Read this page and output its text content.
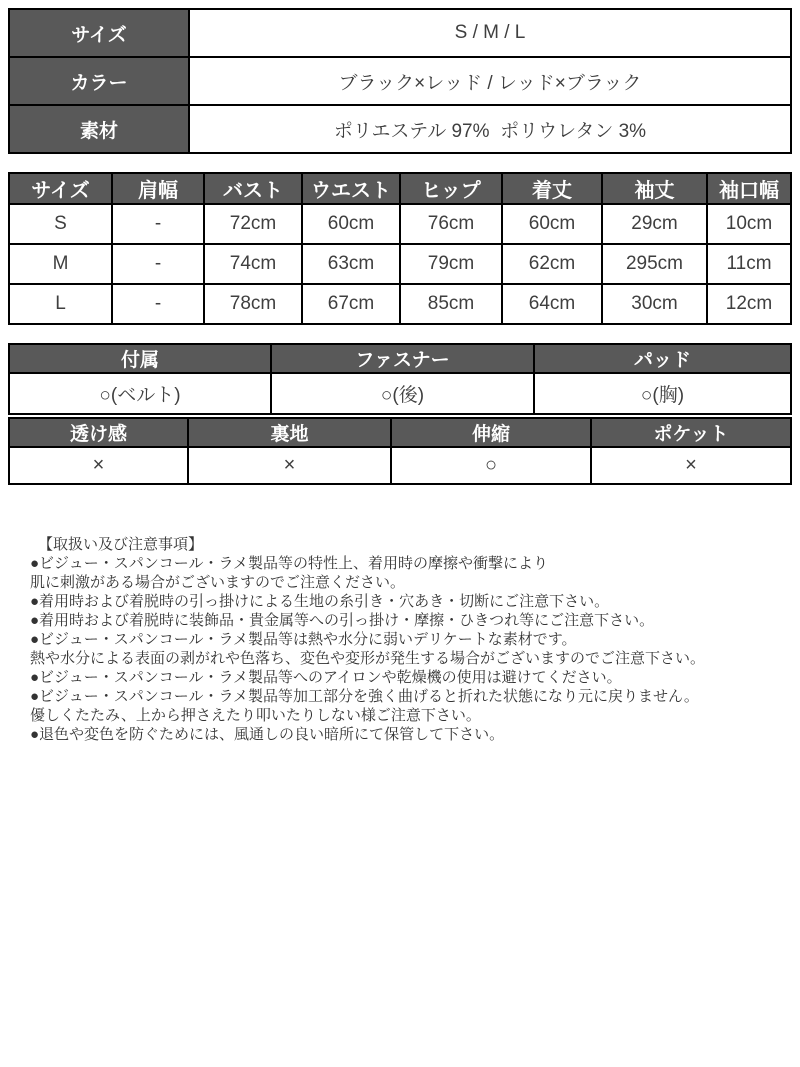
サイズ	S / M / L
カラー	ブラック×レッド / レッド×ブラック
素材	ポリエステル 97%  ポリウレタン 3%
サイズ	肩幅	バスト	ウエスト	ヒップ	着丈	袖丈	袖口幅
S	-	72cm	60cm	76cm	60cm	29cm	10cm
M	-	74cm	63cm	79cm	62cm	295cm	11cm
L	-	78cm	67cm	85cm	64cm	30cm	12cm
付属	ファスナー	パッド
○(ベルト)	○(後)	○(胸)
透け感	裏地	伸縮	ポケット
×	×	○	×
【取扱い及び注意事項】
●ビジュー・スパンコール・ラメ製品等の特性上、着用時の摩擦や衝撃により
肌に刺激がある場合がございますのでご注意ください。
●着用時および着脱時の引っ掛けによる生地の糸引き・穴あき・切断にご注意下さい。
●着用時および着脱時に装飾品・貴金属等への引っ掛け・摩擦・ひきつれ等にご注意下さい。
●ビジュー・スパンコール・ラメ製品等は熱や水分に弱いデリケートな素材です。
熱や水分による表面の剥がれや色落ち、変色や変形が発生する場合がございますのでご注意下さい。
●ビジュー・スパンコール・ラメ製品等へのアイロンや乾燥機の使用は避けてください。
●ビジュー・スパンコール・ラメ製品等加工部分を強く曲げると折れた状態になり元に戻りません。
優しくたたみ、上から押さえたり叩いたりしない様ご注意下さい。
●退色や変色を防ぐためには、風通しの良い暗所にて保管して下さい。
